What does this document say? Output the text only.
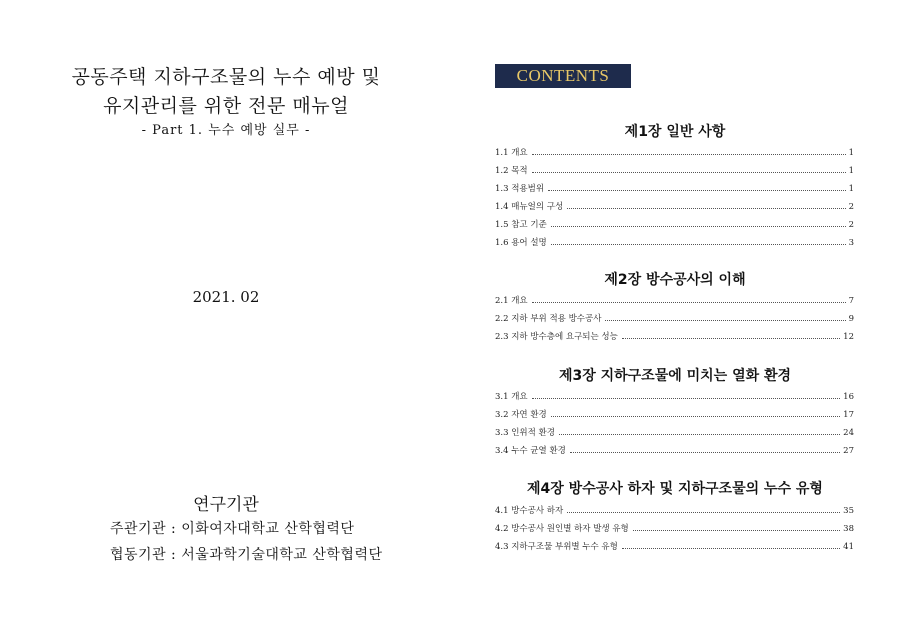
공동주택 지하구조물의 누수 예방 및
유지관리를 위한 전문 매뉴얼
- Part 1. 누수 예방 실무 -
2021. 02
연구기관
주관기관 : 이화여자대학교 산학협력단
협동기관 : 서울과학기술대학교 산학협력단
CONTENTS
제1장 일반 사항
1.1 개요	1
1.2 목적	1
1.3 적용범위	1
1.4 매뉴얼의 구성	2
1.5 참고 기준	2
1.6 용어 설명	3
제2장 방수공사의 이해
2.1 개요	7
2.2 지하 부위 적용 방수공사	9
2.3 지하 방수층에 요구되는 성능	12
제3장 지하구조물에 미치는 열화 환경
3.1 개요	16
3.2 자연 환경	17
3.3 인위적 환경	24
3.4 누수 균열 환경	27
제4장 방수공사 하자 및 지하구조물의 누수 유형
4.1 방수공사 하자	35
4.2 방수공사 원인별 하자 발생 유형	38
4.3 지하구조물 부위별 누수 유형	41
